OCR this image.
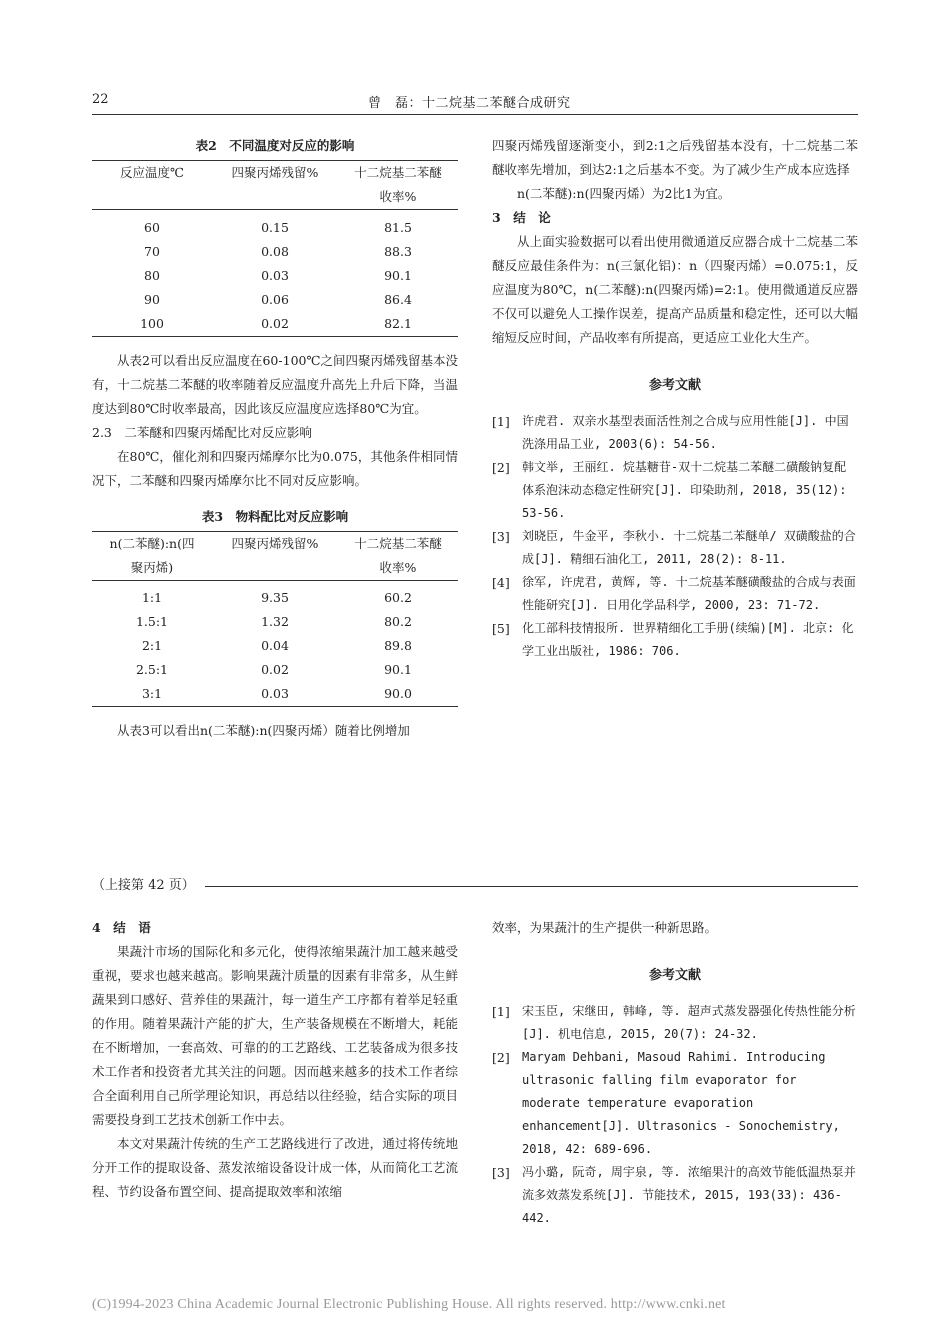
22	曾　磊：十二烷基二苯醚合成研究
表2　不同温度对反应的影响
反应温度℃	四聚丙烯残留%	十二烷基二苯醚
		收率%

60	0.15	81.5
70	0.08	88.3
80	0.03	90.1
90	0.06	86.4
100	0.02	82.1

从表2可以看出反应温度在60-100℃之间四聚丙烯残留基本没有，十二烷基二苯醚的收率随着反应温度升高先上升后下降，当温度达到80℃时收率最高，因此该反应温度应选择80℃为宜。

2.3　二苯醚和四聚丙烯配比对反应影响

在80℃，催化剂和四聚丙烯摩尔比为0.075，其他条件相同情况下，二苯醚和四聚丙烯摩尔比不同对反应影响。

表3　物料配比对反应影响
n(二苯醚):n(四	四聚丙烯残留%	十二烷基二苯醚
聚丙烯)		收率%

1:1	9.35	60.2
1.5:1	1.32	80.2
2:1	0.04	89.8
2.5:1	0.02	90.1
3:1	0.03	90.0

从表3可以看出n(二苯醚):n(四聚丙烯）随着比例增加

四聚丙烯残留逐渐变小，到2:1之后残留基本没有，十二烷基二苯醚收率先增加，到达2:1之后基本不变。为了减少生产成本应选择

n(二苯醚):n(四聚丙烯）为2比1为宜。

3　结　论

从上面实验数据可以看出使用微通道反应器合成十二烷基二苯醚反应最佳条件为：n(三氯化铝)：n（四聚丙烯）=0.075:1，反应温度为80℃，n(二苯醚):n(四聚丙烯)=2:1。使用微通道反应器不仅可以避免人工操作误差，提高产品质量和稳定性，还可以大幅缩短反应时间，产品收率有所提高，更适应工业化大生产。

参考文献
[1]	许虎君. 双亲水基型表面活性剂之合成与应用性能[J]. 中国洗涤用品工业, 2003(6): 54-56.
[2]	韩文举, 王丽红. 烷基糖苷-双十二烷基二苯醚二磺酸钠复配体系泡沫动态稳定性研究[J]. 印染助剂, 2018, 35(12): 53-56.
[3]	刘晓臣, 牛金平, 李秋小. 十二烷基二苯醚单/ 双磺酸盐的合成[J]. 精细石油化工, 2011, 28(2): 8-11.
[4]	徐军, 许虎君, 黄辉, 等. 十二烷基苯醚磺酸盐的合成与表面性能研究[J]. 日用化学品科学, 2000, 23: 71-72.
[5]	化工部科技情报所. 世界精细化工手册(续编)[M]. 北京: 化学工业出版社, 1986: 706.
（上接第 42 页）

4　结　语

果蔬汁市场的国际化和多元化，使得浓缩果蔬汁加工越来越受重视，要求也越来越高。影响果蔬汁质量的因素有非常多，从生鲜蔬果到口感好、营养佳的果蔬汁，每一道生产工序都有着举足轻重的作用。随着果蔬汁产能的扩大，生产装备规模在不断增大，耗能在不断增加，一套高效、可靠的的工艺路线、工艺装备成为很多技术工作者和投资者尤其关注的问题。因而越来越多的技术工作者综合全面利用自己所学理论知识，再总结以往经验，结合实际的项目需要投身到工艺技术创新工作中去。

本文对果蔬汁传统的生产工艺路线进行了改进，通过将传统地分开工作的提取设备、蒸发浓缩设备设计成一体，从而简化工艺流程、节约设备布置空间、提高提取效率和浓缩

效率，为果蔬汁的生产提供一种新思路。

参考文献
[1]	宋玉臣, 宋继田, 韩峰, 等. 超声式蒸发器强化传热性能分析[J]. 机电信息, 2015, 20(7): 24-32.
[2]	Maryam Dehbani, Masoud Rahimi. Introducing ultrasonic falling film evaporator for moderate temperature evaporation enhancement[J]. Ultrasonics - Sonochemistry, 2018, 42: 689-696.
[3]	冯小璐, 阮奇, 周宇泉, 等. 浓缩果汁的高效节能低温热泵并流多效蒸发系统[J]. 节能技术, 2015, 193(33): 436-442.
(C)1994-2023 China Academic Journal Electronic Publishing House. All rights reserved. http://www.cnki.net
